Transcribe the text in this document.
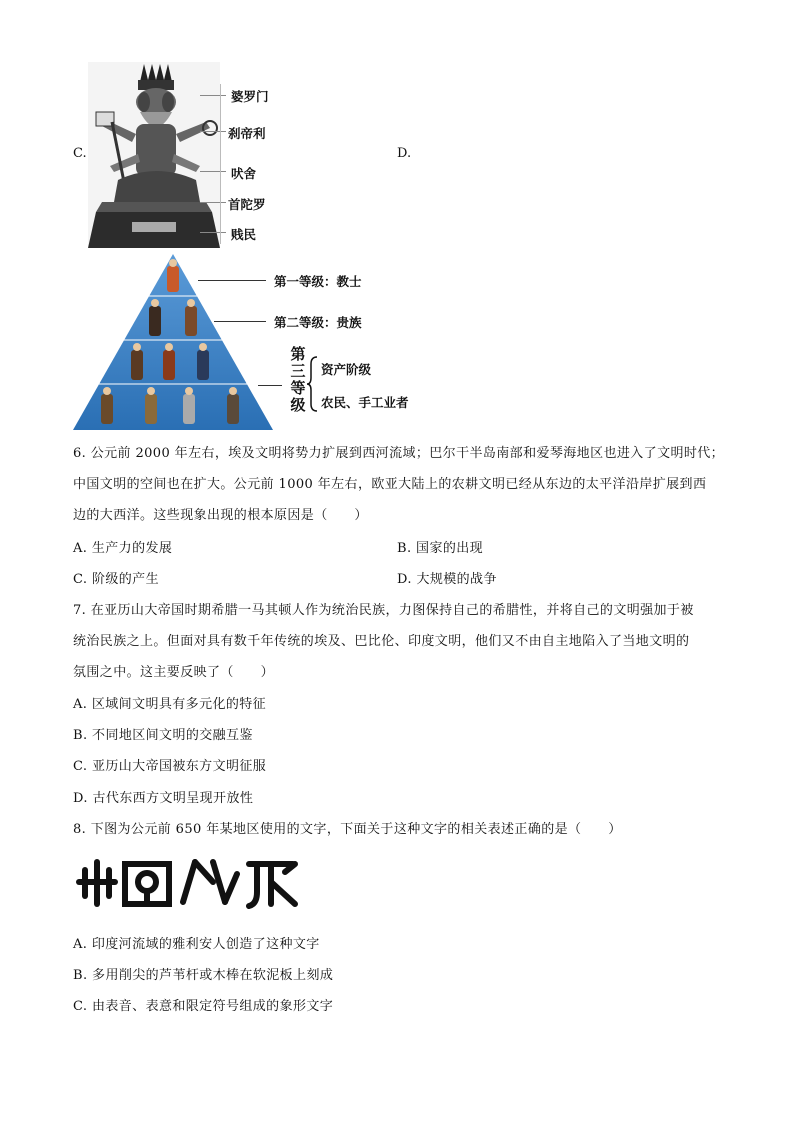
C.	D.
婆罗门
刹帝利
吠舍
首陀罗
贱民
第一等级：教士
第二等级：贵族
第
三
等
级
资产阶级
农民、手工业者
6. 公元前 2000 年左右，埃及文明将势力扩展到西河流域；巴尔干半岛南部和爱琴海地区也进入了文明时代；
中国文明的空间也在扩大。公元前 1000 年左右，欧亚大陆上的农耕文明已经从东边的太平洋沿岸扩展到西
边的大西洋。这些现象出现的根本原因是（　　）
A. 生产力的发展	B. 国家的出现
C. 阶级的产生	D. 大规模的战争
7. 在亚历山大帝国时期希腊一马其顿人作为统治民族，力图保持自己的希腊性，并将自己的文明强加于被
统治民族之上。但面对具有数千年传统的埃及、巴比伦、印度文明，他们又不由自主地陷入了当地文明的
氛围之中。这主要反映了（　　）
A. 区域间文明具有多元化的特征
B. 不同地区间文明的交融互鉴
C. 亚历山大帝国被东方文明征服
D. 古代东西方文明呈现开放性
8. 下图为公元前 650 年某地区使用的文字，下面关于这种文字的相关表述正确的是（　　）
A. 印度河流域的雅利安人创造了这种文字
B. 多用削尖的芦苇杆或木棒在软泥板上刻成
C. 由表音、表意和限定符号组成的象形文字
